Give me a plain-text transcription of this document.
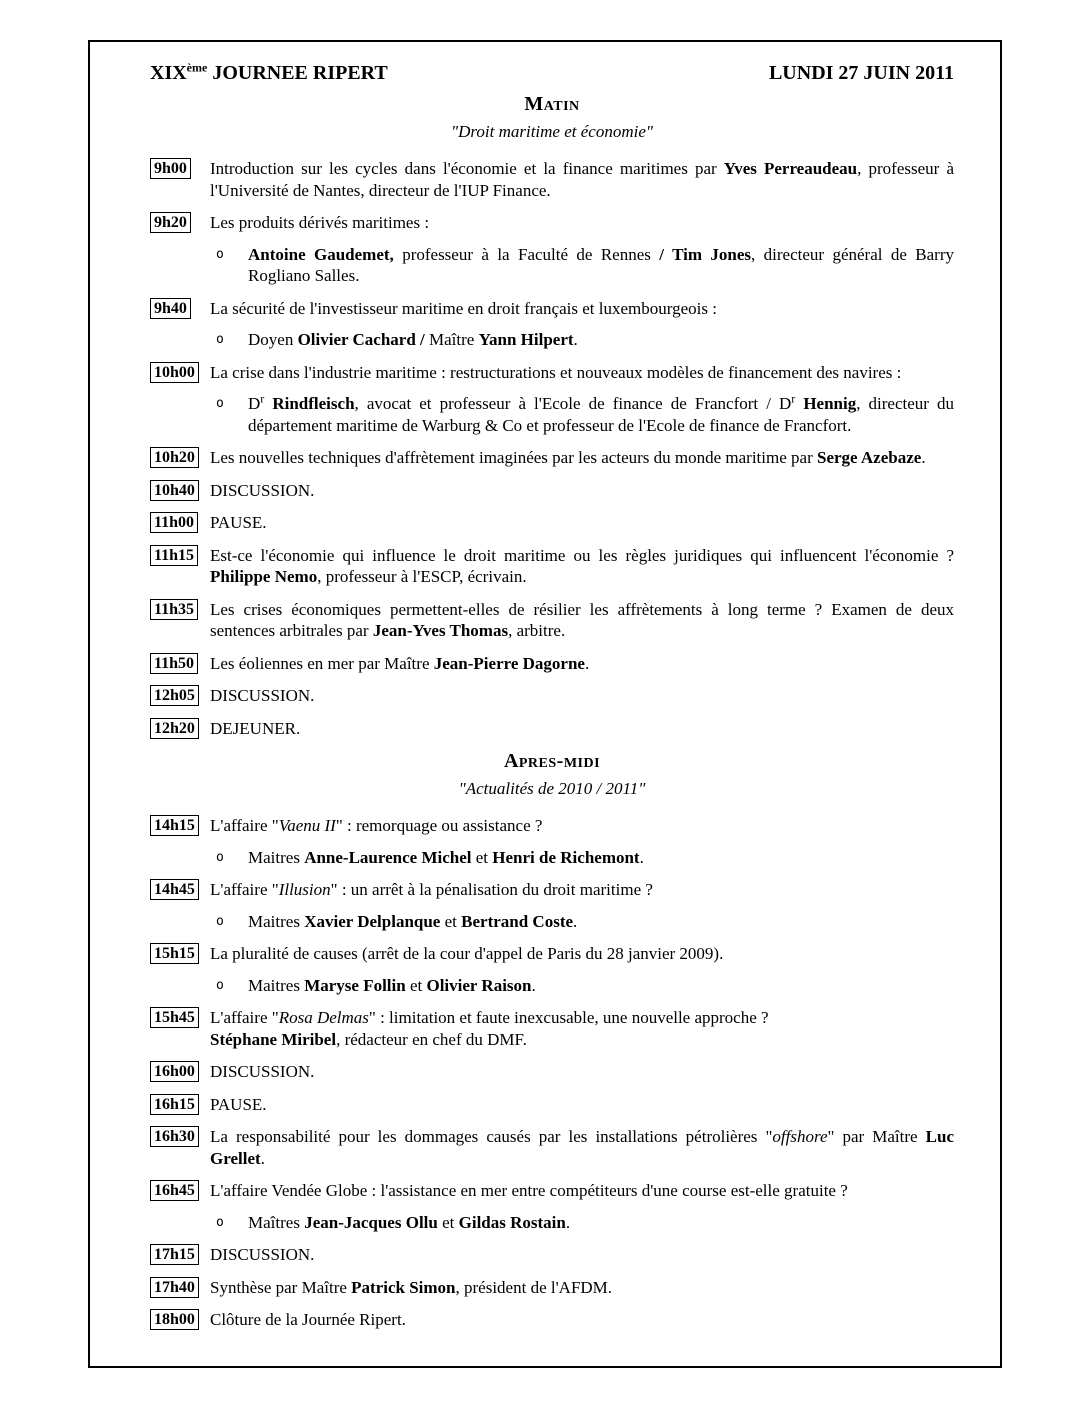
XIXème JOURNEE RIPERT	LUNDI 27 JUIN 2011
Matin
"Droit maritime et économie"
9h00	Introduction sur les cycles dans l'économie et la finance maritimes par Yves Perreaudeau, professeur à l'Université de Nantes, directeur de l'IUP Finance.
9h20	Les produits dérivés maritimes :
o	Antoine Gaudemet, professeur à la Faculté de Rennes / Tim Jones, directeur général de Barry Rogliano Salles.
9h40	La sécurité de l'investisseur maritime en droit français et luxembourgeois :
o	Doyen Olivier Cachard / Maître Yann Hilpert.
10h00 La crise dans l'industrie maritime : restructurations et nouveaux modèles de financement des navires :
o	$D^r$ Rindfleisch, avocat et professeur à l'Ecole de finance de Francfort / $D^r$ Hennig, directeur du département maritime de Warburg & Co et professeur de l'Ecole de finance de Francfort.
10h20 Les nouvelles techniques d'affrètement imaginées par les acteurs du monde maritime par Serge Azebaze.
10h40 DISCUSSION.
11h00 PAUSE.
11h15 Est-ce l'économie qui influence le droit maritime ou les règles juridiques qui influencent l'économie ? Philippe Nemo, professeur à l'ESCP, écrivain.
11h35 Les crises économiques permettent-elles de résilier les affrètements à long terme ? Examen de deux sentences arbitrales par Jean-Yves Thomas, arbitre.
11h50 Les éoliennes en mer par Maître Jean-Pierre Dagorne.
12h05 DISCUSSION.
12h20 DEJEUNER.
Apres-midi
"Actualités de 2010 / 2011"
14h15 L'affaire "Vaenu II" : remorquage ou assistance ?
o	Maitres Anne-Laurence Michel et Henri de Richemont.
14h45 L'affaire "Illusion" : un arrêt à la pénalisation du droit maritime ?
o	Maitres Xavier Delplanque et Bertrand Coste.
15h15 La pluralité de causes (arrêt de la cour d'appel de Paris du 28 janvier 2009).
o	Maitres Maryse Follin et Olivier Raison.
15h45 L'affaire "Rosa Delmas" : limitation et faute inexcusable, une nouvelle approche ?
Stéphane Miribel, rédacteur en chef du DMF.
16h00 DISCUSSION.
16h15 PAUSE.
16h30 La responsabilité pour les dommages causés par les installations pétrolières "offshore" par Maître Luc Grellet.
16h45 L'affaire Vendée Globe : l'assistance en mer entre compétiteurs d'une course est-elle gratuite ?
o	Maîtres Jean-Jacques Ollu et Gildas Rostain.
17h15 DISCUSSION.
17h40 Synthèse par Maître Patrick Simon, président de l'AFDM.
18h00 Clôture de la Journée Ripert.
